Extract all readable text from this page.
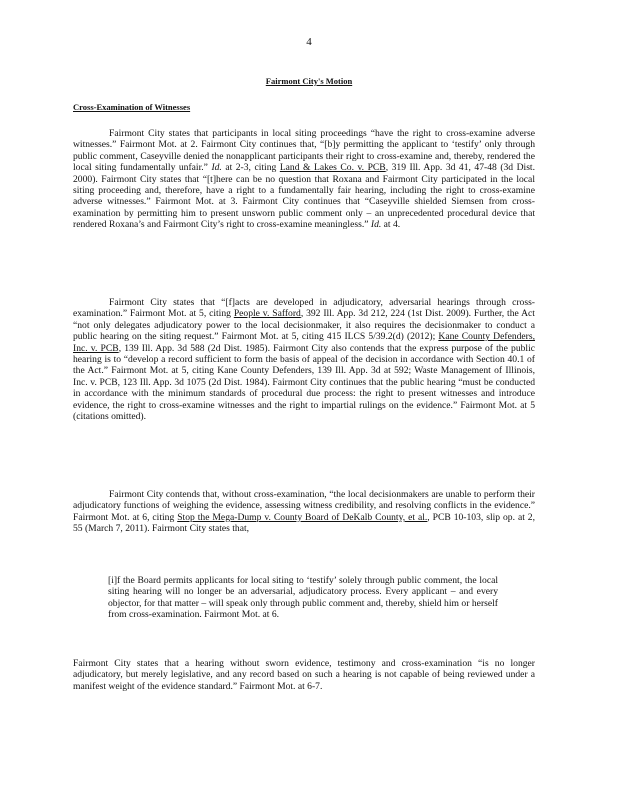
4
Fairmont City's Motion
Cross-Examination of Witnesses
Fairmont City states that participants in local siting proceedings “have the right to cross-examine adverse witnesses.” Fairmont Mot. at 2. Fairmont City continues that, “[b]y permitting the applicant to ‘testify’ only through public comment, Caseyville denied the nonapplicant participants their right to cross-examine and, thereby, rendered the local siting fundamentally unfair.” Id. at 2-3, citing Land & Lakes Co. v. PCB, 319 Ill. App. 3d 41, 47-48 (3d Dist. 2000). Fairmont City states that “[t]here can be no question that Roxana and Fairmont City participated in the local siting proceeding and, therefore, have a right to a fundamentally fair hearing, including the right to cross-examine adverse witnesses.” Fairmont Mot. at 3. Fairmont City continues that “Caseyville shielded Siemsen from cross-examination by permitting him to present unsworn public comment only – an unprecedented procedural device that rendered Roxana’s and Fairmont City’s right to cross-examine meaningless.” Id. at 4.
Fairmont City states that “[f]acts are developed in adjudicatory, adversarial hearings through cross-examination.” Fairmont Mot. at 5, citing People v. Safford, 392 Ill. App. 3d 212, 224 (1st Dist. 2009). Further, the Act “not only delegates adjudicatory power to the local decisionmaker, it also requires the decisionmaker to conduct a public hearing on the siting request.” Fairmont Mot. at 5, citing 415 ILCS 5/39.2(d) (2012); Kane County Defenders, Inc. v. PCB, 139 Ill. App. 3d 588 (2d Dist. 1985). Fairmont City also contends that the express purpose of the public hearing is to “develop a record sufficient to form the basis of appeal of the decision in accordance with Section 40.1 of the Act.” Fairmont Mot. at 5, citing Kane County Defenders, 139 Ill. App. 3d at 592; Waste Management of Illinois, Inc. v. PCB, 123 Ill. App. 3d 1075 (2d Dist. 1984). Fairmont City continues that the public hearing “must be conducted in accordance with the minimum standards of procedural due process: the right to present witnesses and introduce evidence, the right to cross-examine witnesses and the right to impartial rulings on the evidence.” Fairmont Mot. at 5 (citations omitted).
Fairmont City contends that, without cross-examination, “the local decisionmakers are unable to perform their adjudicatory functions of weighing the evidence, assessing witness credibility, and resolving conflicts in the evidence.” Fairmont Mot. at 6, citing Stop the Mega-Dump v. County Board of DeKalb County, et al., PCB 10-103, slip op. at 2, 55 (March 7, 2011). Fairmont City states that,
[i]f the Board permits applicants for local siting to ‘testify’ solely through public comment, the local siting hearing will no longer be an adversarial, adjudicatory process. Every applicant – and every objector, for that matter – will speak only through public comment and, thereby, shield him or herself from cross-examination. Fairmont Mot. at 6.
Fairmont City states that a hearing without sworn evidence, testimony and cross-examination “is no longer adjudicatory, but merely legislative, and any record based on such a hearing is not capable of being reviewed under a manifest weight of the evidence standard.” Fairmont Mot. at 6-7.
